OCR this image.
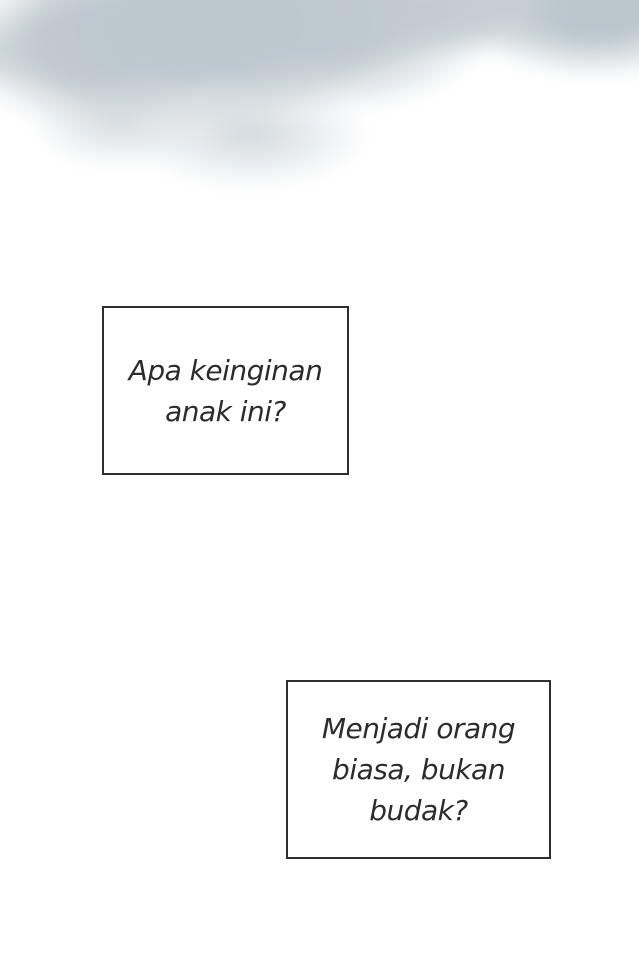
Apa keinginan
anak ini?
Menjadi orang
biasa, bukan
budak?
